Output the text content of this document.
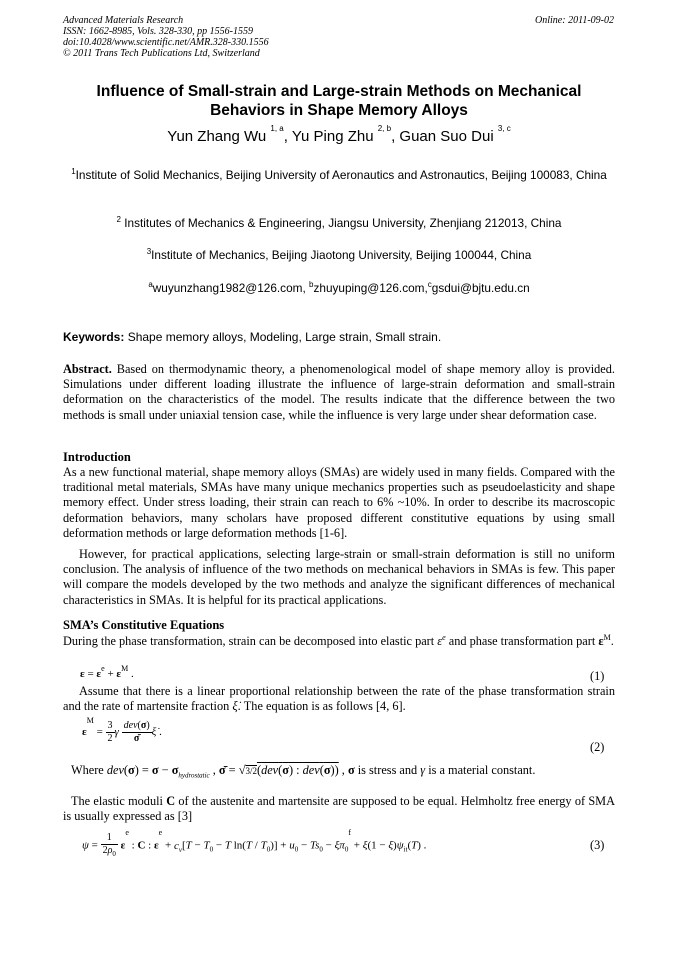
Advanced Materials Research
ISSN: 1662-8985, Vols. 328-330, pp 1556-1559
doi:10.4028/www.scientific.net/AMR.328-330.1556
© 2011 Trans Tech Publications Ltd, Switzerland
Online: 2011-09-02
Influence of Small-strain and Large-strain Methods on Mechanical Behaviors in Shape Memory Alloys
Yun Zhang Wu $^{1, a}$, Yu Ping Zhu $^{2, b}$, Guan Suo Dui $^{3, c}$
$^1$Institute of Solid Mechanics, Beijing University of Aeronautics and Astronautics, Beijing 100083, China
$^2$ Institutes of Mechanics & Engineering, Jiangsu University, Zhenjiang 212013, China
$^3$Institute of Mechanics, Beijing Jiaotong University, Beijing 100044, China
$^a$wuyunzhang1982@126.com, $^b$zhuyuping@126.com,$^c$gsdui@bjtu.edu.cn
Keywords: Shape memory alloys, Modeling, Large strain, Small strain.
Abstract. Based on thermodynamic theory, a phenomenological model of shape memory alloy is provided. Simulations under different loading illustrate the influence of large-strain deformation and small-strain deformation on the characteristics of the model. The results indicate that the difference between the two methods is small under uniaxial tension case, while the influence is very large under shear deformation case.
Introduction
As a new functional material, shape memory alloys (SMAs) are widely used in many fields. Compared with the traditional metal materials, SMAs have many unique mechanics properties such as pseudoelasticity and shape memory effect. Under stress loading, their strain can reach to 6% ~10%. In order to describe its macroscopic deformation behaviors, many scholars have proposed different constitutive equations by using small deformation methods or large deformation methods [1-6].
However, for practical applications, selecting large-strain or small-strain deformation is still no uniform conclusion. The analysis of influence of the two methods on mechanical behaviors in SMAs is few. This paper will compare the models developed by the two methods and analyze the significant differences of mechanical characteristics in SMAs. It is helpful for its practical applications.
SMA’s Constitutive Equations
During the phase transformation, strain can be decomposed into elastic part $\varepsilon^e$ and phase transformation part $\varepsilon^M$.
$\varepsilon = \varepsilon^e + \varepsilon^M$ .	(1)
Assume that there is a linear proportional relationship between the rate of the phase transformation strain and the rate of martensite fraction ξ̇. The equation is as follows [4, 6].
$\varepsilon^M = \frac{3}{2}$ γ $\frac{\text{dev(σ)}}{\sigmā}$ ξ̇ .
(2)
Where $dev(\sigma) = \sigma - \sigma_{hydrostatic}$ , σ̄ = √3/2(dev(σ) : dev(σ)) , σ is stress and γ is a material constant.
The elastic moduli C of the austenite and martensite are supposed to be equal. Helmholtz free energy of SMA is usually expressed as [3]
$\psi = \frac{1}{2\rho_0} \varepsilon^e$ : C : $\varepsilon^e + c_v[T - T_0 - T$ $\ln(T / T_0)] + u_0 - Ts_0 - \xi\pi_0^f + \xi(1 - \xi)\psi_{it}(T)$ .	(3)
